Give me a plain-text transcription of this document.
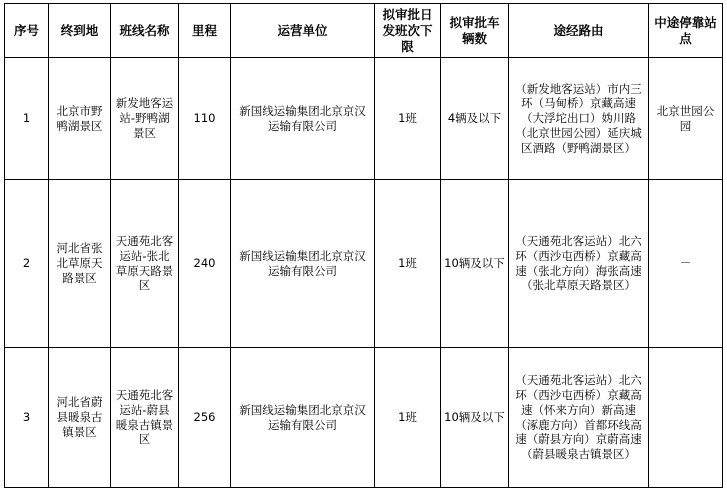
序号	终到地	班线名称	里程	运营单位	拟审批日发班次下限	拟审批车辆数	途经路由	中途停靠站点
1	北京市野鸭湖景区	新发地客运站-野鸭湖景区	110	新国线运输集团北京京汉运输有限公司	1班	4辆及以下	（新发地客运站）市内三环（马甸桥）京藏高速（大浮坨出口）妫川路（北京世园公园）延庆城区酒路（野鸭湖景区）	北京世园公园
2	河北省张北草原天路景区	天通苑北客运站-张北草原天路景区	240	新国线运输集团北京京汉运输有限公司	1班	10辆及以下	（天通苑北客运站）北六环（西沙屯西桥）京藏高速（张北方向）海张高速（张北草原天路景区）	－
3	河北省蔚县暖泉古镇景区	天通苑北客运站-蔚县暖泉古镇景区	256	新国线运输集团北京京汉运输有限公司	1班	10辆及以下	（天通苑北客运站）北六环（西沙屯西桥）京藏高速（怀来方向）新高速（涿鹿方向）首都环线高速（蔚县方向）京蔚高速（蔚县暖泉古镇景区）	
